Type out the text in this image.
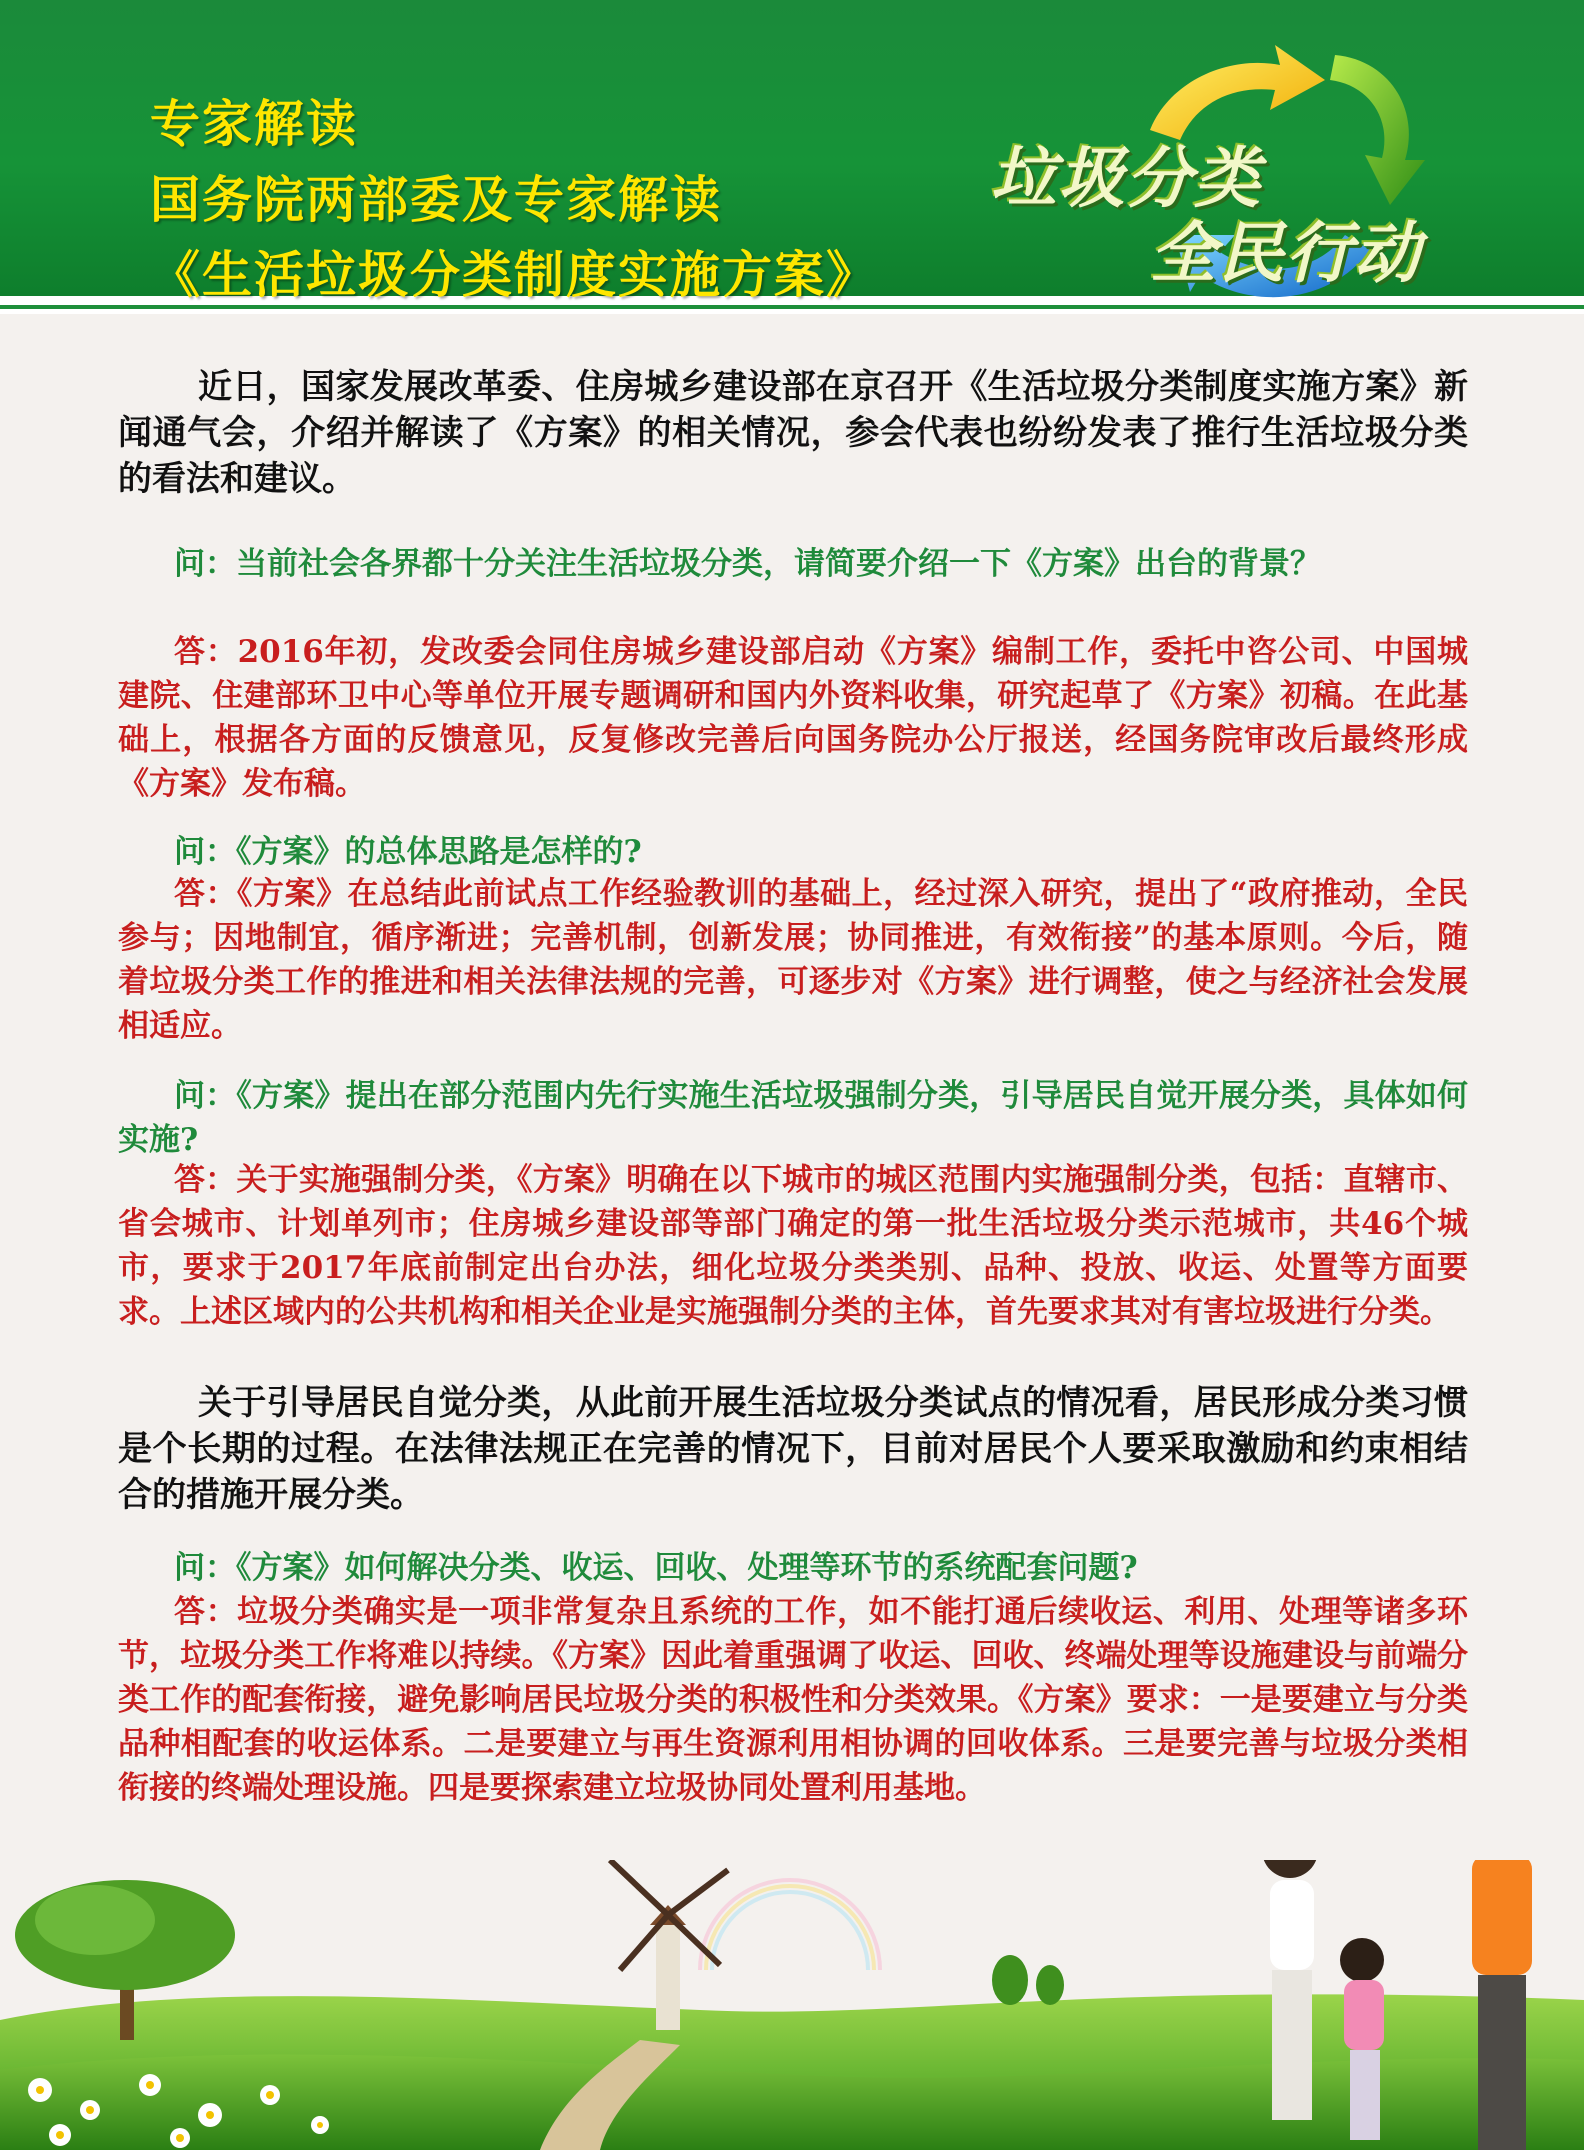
专家解读
国务院两部委及专家解读
《生活垃圾分类制度实施方案》
垃圾分类
全民行动
近日，国家发展改革委、住房城乡建设部在京召开《生活垃圾分类制度实施方案》新闻通气会，介绍并解读了《方案》的相关情况，参会代表也纷纷发表了推行生活垃圾分类的看法和建议。
问：当前社会各界都十分关注生活垃圾分类，请简要介绍一下《方案》出台的背景？
答：2016年初，发改委会同住房城乡建设部启动《方案》编制工作，委托中咨公司、中国城建院、住建部环卫中心等单位开展专题调研和国内外资料收集，研究起草了《方案》初稿。在此基础上，根据各方面的反馈意见，反复修改完善后向国务院办公厅报送，经国务院审改后最终形成《方案》发布稿。
问：《方案》的总体思路是怎样的?
答：《方案》在总结此前试点工作经验教训的基础上，经过深入研究，提出了“政府推动，全民参与；因地制宜，循序渐进；完善机制，创新发展；协同推进，有效衔接”的基本原则。今后，随着垃圾分类工作的推进和相关法律法规的完善，可逐步对《方案》进行调整，使之与经济社会发展相适应。
问：《方案》提出在部分范围内先行实施生活垃圾强制分类，引导居民自觉开展分类，具体如何实施?
答：关于实施强制分类，《方案》明确在以下城市的城区范围内实施强制分类，包括：直辖市、省会城市、计划单列市；住房城乡建设部等部门确定的第一批生活垃圾分类示范城市，共46个城市，要求于2017年底前制定出台办法，细化垃圾分类类别、品种、投放、收运、处置等方面要求。上述区域内的公共机构和相关企业是实施强制分类的主体，首先要求其对有害垃圾进行分类。
关于引导居民自觉分类，从此前开展生活垃圾分类试点的情况看，居民形成分类习惯是个长期的过程。在法律法规正在完善的情况下，目前对居民个人要采取激励和约束相结合的措施开展分类。
问：《方案》如何解决分类、收运、回收、处理等环节的系统配套问题?
答：垃圾分类确实是一项非常复杂且系统的工作，如不能打通后续收运、利用、处理等诸多环节，垃圾分类工作将难以持续。《方案》因此着重强调了收运、回收、终端处理等设施建设与前端分类工作的配套衔接，避免影响居民垃圾分类的积极性和分类效果。《方案》要求：一是要建立与分类品种相配套的收运体系。二是要建立与再生资源利用相协调的回收体系。三是要完善与垃圾分类相衔接的终端处理设施。四是要探索建立垃圾协同处置利用基地。
